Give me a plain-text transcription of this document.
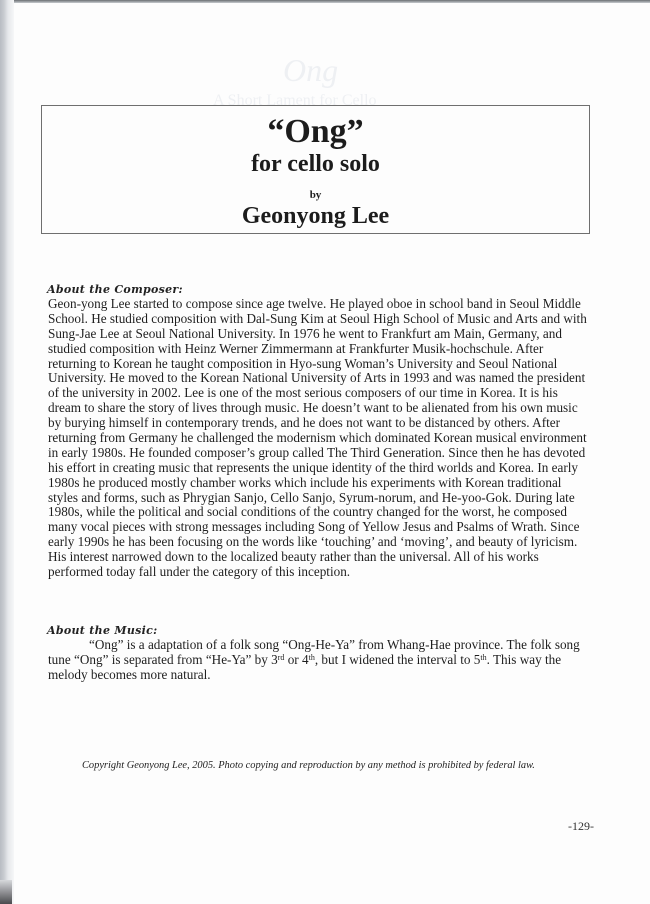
Ong
A Short Lament for Cello
“Ong”
for cello solo
by
Geonyong Lee
About the Composer:
Geon-yong Lee started to compose since age twelve. He played oboe in school band in Seoul Middle
School. He studied composition with Dal-Sung Kim at Seoul High School of Music and Arts and with
Sung-Jae Lee at Seoul National University. In 1976 he went to Frankfurt am Main, Germany, and
studied composition with Heinz Werner Zimmermann at Frankfurter Musik-hochschule. After
returning to Korean he taught composition in Hyo-sung Woman’s University and Seoul National
University. He moved to the Korean National University of Arts in 1993 and was named the president
of the university in 2002. Lee is one of the most serious composers of our time in Korea. It is his
dream to share the story of lives through music. He doesn’t want to be alienated from his own music
by burying himself in contemporary trends, and he does not want to be distanced by others. After
returning from Germany he challenged the modernism which dominated Korean musical environment
in early 1980s. He founded composer’s group called The Third Generation. Since then he has devoted
his effort in creating music that represents the unique identity of the third worlds and Korea. In early
1980s he produced mostly chamber works which include his experiments with Korean traditional
styles and forms, such as Phrygian Sanjo, Cello Sanjo, Syrum-norum, and He-yoo-Gok. During late
1980s, while the political and social conditions of the country changed for the worst, he composed
many vocal pieces with strong messages including Song of Yellow Jesus and Psalms of Wrath. Since
early 1990s he has been focusing on the words like ‘touching’ and ‘moving’, and beauty of lyricism.
His interest narrowed down to the localized beauty rather than the universal. All of his works
performed today fall under the category of this inception.
About the Music:
“Ong” is a adaptation of a folk song “Ong-He-Ya” from Whang-Hae province. The folk song
tune “Ong” is separated from “He-Ya” by 3rd or 4th, but I widened the interval to 5th. This way the
melody becomes more natural.
Copyright Geonyong Lee, 2005. Photo copying and reproduction by any method is prohibited by federal law.
-129-
